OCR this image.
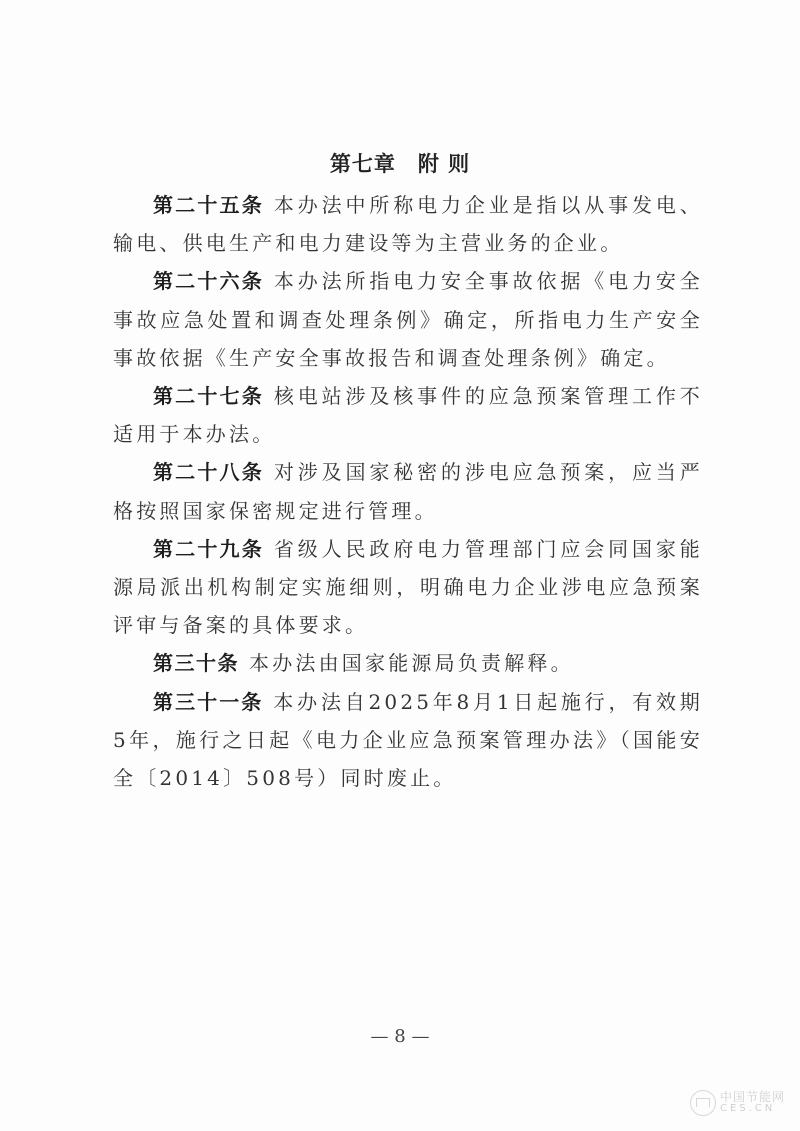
第七章 附 则

第二十五条 本办法中所称电力企业是指以从事发电、输电、供电生产和电力建设等为主营业务的企业。

第二十六条 本办法所指电力安全事故依据《电力安全事故应急处置和调查处理条例》确定，所指电力生产安全事故依据《生产安全事故报告和调查处理条例》确定。

第二十七条 核电站涉及核事件的应急预案管理工作不适用于本办法。

第二十八条 对涉及国家秘密的涉电应急预案，应当严格按照国家保密规定进行管理。

第二十九条 省级人民政府电力管理部门应会同国家能源局派出机构制定实施细则，明确电力企业涉电应急预案评审与备案的具体要求。

第三十条 本办法由国家能源局负责解释。

第三十一条 本办法自2025年8月1日起施行，有效期5年，施行之日起《电力企业应急预案管理办法》（国能安全〔2014〕508号）同时废止。

— 8 —
中国节能网
CES.CN
